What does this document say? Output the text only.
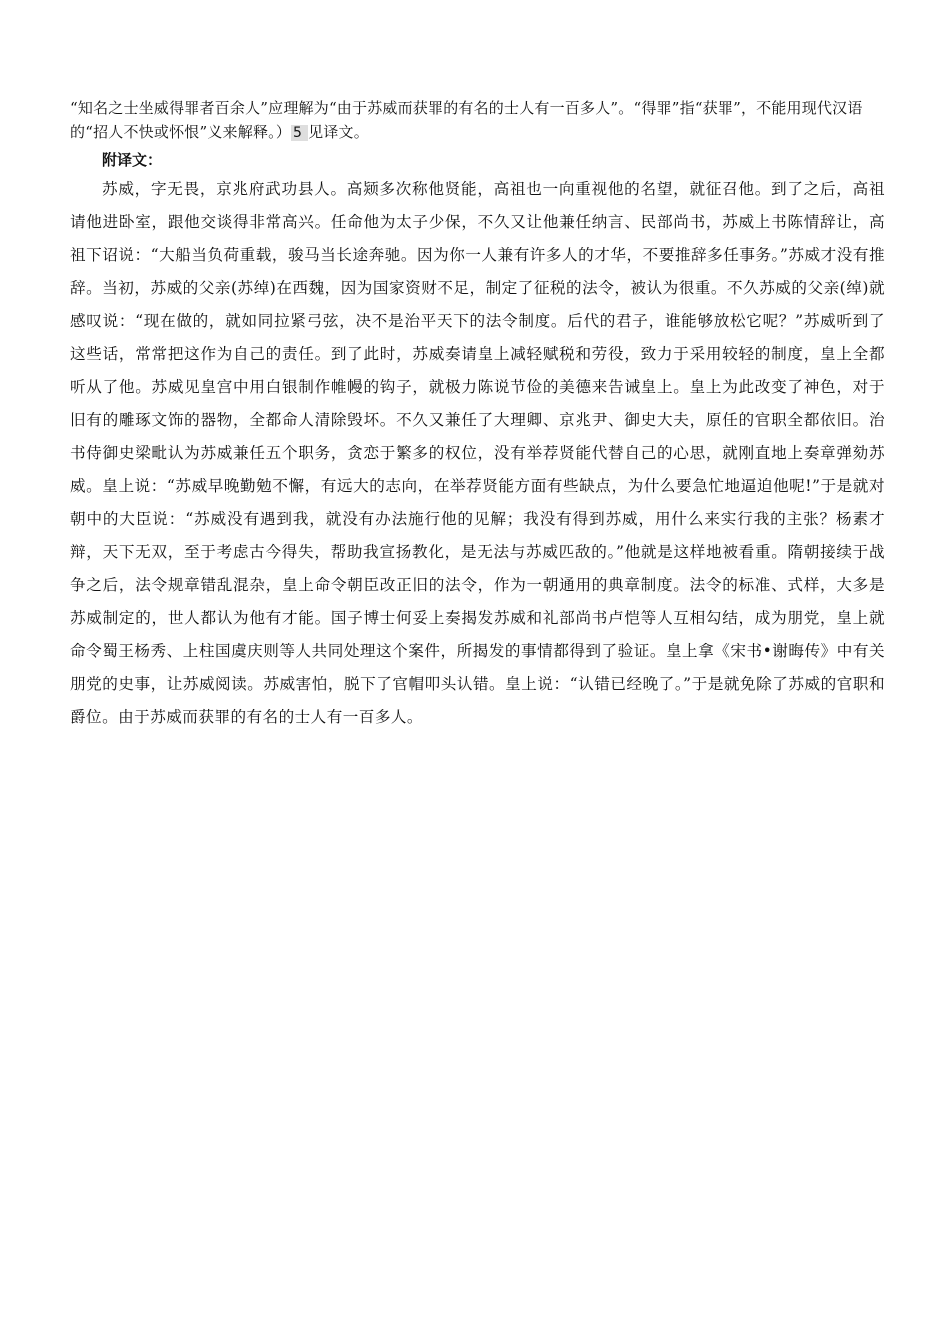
“知名之士坐威得罪者百余人”应理解为“由于苏威而获罪的有名的士人有一百多人”。“得罪”指“获罪”，不能用现代汉语的“招人不快或怀恨”义来解释。） 5 见译文。

附译文：

苏威，字无畏，京兆府武功县人。高颎多次称他贤能，高祖也一向重视他的名望，就征召他。到了之后，高祖请他进卧室，跟他交谈得非常高兴。任命他为太子少保，不久又让他兼任纳言、民部尚书，苏威上书陈情辞让，高祖下诏说：“大船当负荷重载，骏马当长途奔驰。因为你一人兼有许多人的才华，不要推辞多任事务。”苏威才没有推辞。当初，苏威的父亲(苏绰)在西魏，因为国家资财不足，制定了征税的法令，被认为很重。不久苏威的父亲(绰)就感叹说：“现在做的，就如同拉紧弓弦，决不是治平天下的法令制度。后代的君子，谁能够放松它呢？”苏威听到了这些话，常常把这作为自己的责任。到了此时，苏威奏请皇上减轻赋税和劳役，致力于采用较轻的制度，皇上全都听从了他。苏威见皇宫中用白银制作帷幔的钩子，就极力陈说节俭的美德来告诫皇上。皇上为此改变了神色，对于旧有的雕琢文饰的器物，全都命人清除毁坏。不久又兼任了大理卿、京兆尹、御史大夫，原任的官职全都依旧。治书侍御史梁毗认为苏威兼任五个职务，贪恋于繁多的权位，没有举荐贤能代替自己的心思，就刚直地上奏章弹劾苏威。皇上说：“苏威早晚勤勉不懈，有远大的志向，在举荐贤能方面有些缺点，为什么要急忙地逼迫他呢!”于是就对朝中的大臣说：“苏威没有遇到我，就没有办法施行他的见解；我没有得到苏威，用什么来实行我的主张？杨素才辩，天下无双，至于考虑古今得失，帮助我宣扬教化，是无法与苏威匹敌的。”他就是这样地被看重。隋朝接续于战争之后，法令规章错乱混杂，皇上命令朝臣改正旧的法令，作为一朝通用的典章制度。法令的标准、式样，大多是苏威制定的，世人都认为他有才能。国子博士何妥上奏揭发苏威和礼部尚书卢恺等人互相勾结，成为朋党，皇上就命令蜀王杨秀、上柱国虞庆则等人共同处理这个案件，所揭发的事情都得到了验证。皇上拿《宋书•谢晦传》中有关朋党的史事，让苏威阅读。苏威害怕，脱下了官帽叩头认错。皇上说：“认错已经晚了。”于是就免除了苏威的官职和爵位。由于苏威而获罪的有名的士人有一百多人。
